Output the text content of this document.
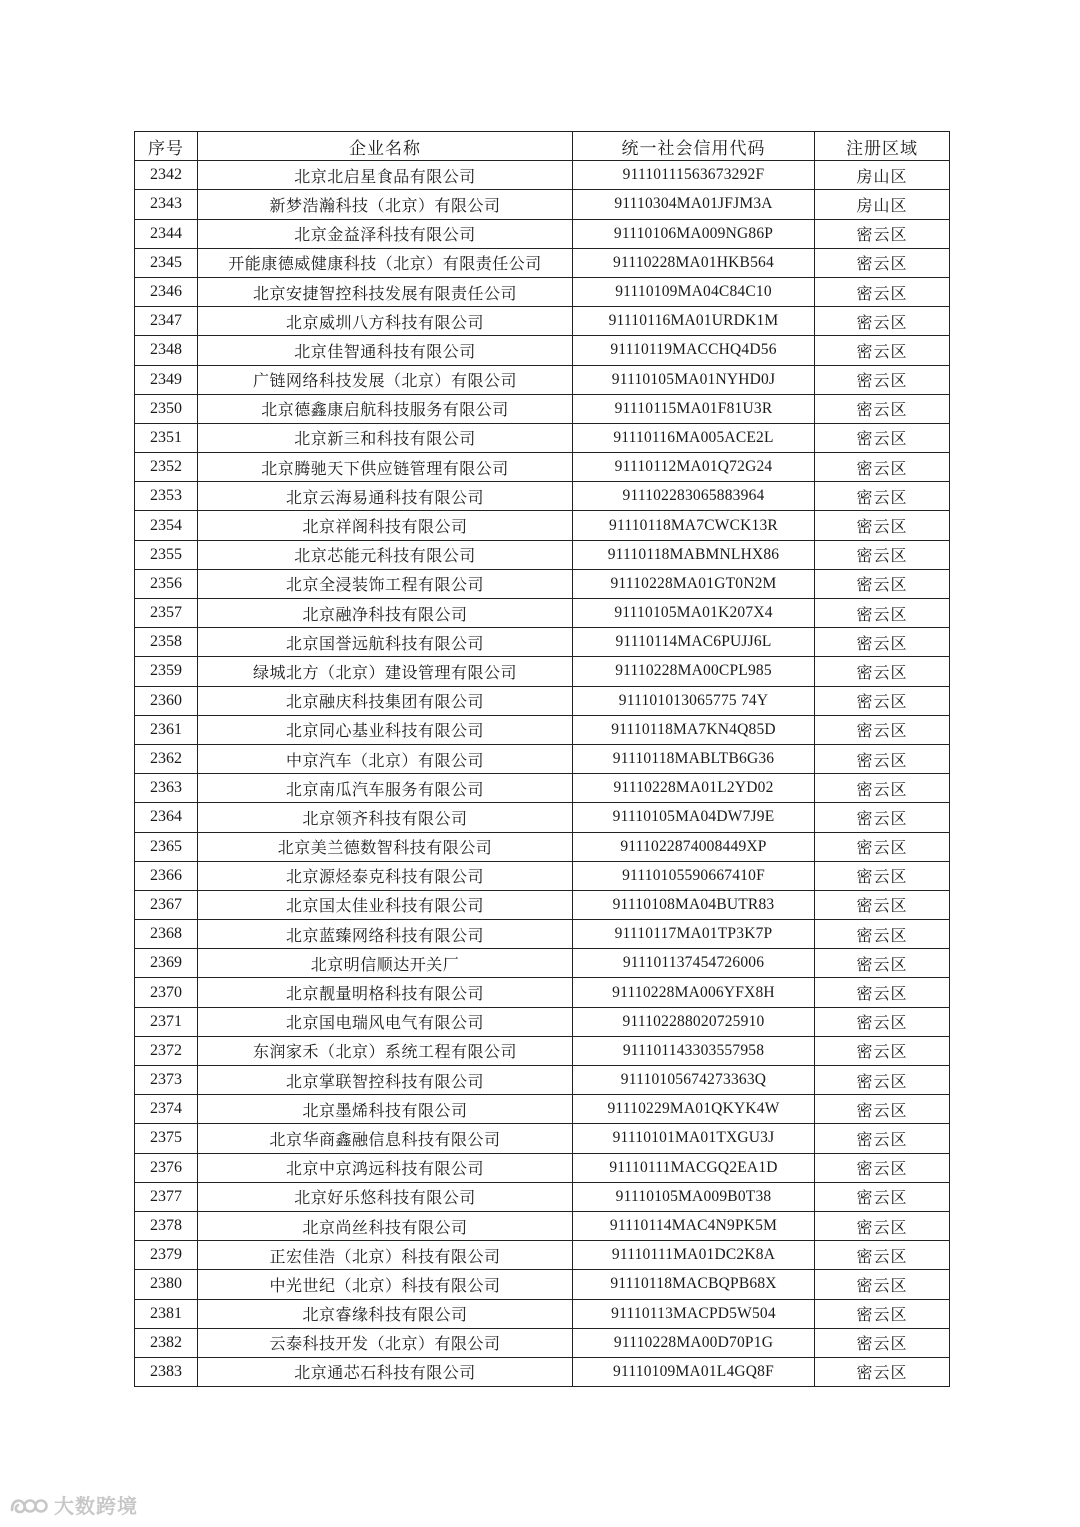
序号	企业名称	统一社会信用代码	注册区域
2342	北京北启星食品有限公司	91110111563673292F	房山区
2343	新梦浩瀚科技（北京）有限公司	91110304MA01JFJM3A	房山区
2344	北京金益泽科技有限公司	91110106MA009NG86P	密云区
2345	开能康德威健康科技（北京）有限责任公司	91110228MA01HKB564	密云区
2346	北京安捷智控科技发展有限责任公司	91110109MA04C84C10	密云区
2347	北京威圳八方科技有限公司	91110116MA01URDK1M	密云区
2348	北京佳智通科技有限公司	91110119MACCHQ4D56	密云区
2349	广链网络科技发展（北京）有限公司	91110105MA01NYHD0J	密云区
2350	北京德鑫康启航科技服务有限公司	91110115MA01F81U3R	密云区
2351	北京新三和科技有限公司	91110116MA005ACE2L	密云区
2352	北京腾驰天下供应链管理有限公司	91110112MA01Q72G24	密云区
2353	北京云海易通科技有限公司	911102283065883964	密云区
2354	北京祥阁科技有限公司	91110118MA7CWCK13R	密云区
2355	北京芯能元科技有限公司	91110118MABMNLHX86	密云区
2356	北京全浸装饰工程有限公司	91110228MA01GT0N2M	密云区
2357	北京融净科技有限公司	91110105MA01K207X4	密云区
2358	北京国誉远航科技有限公司	91110114MAC6PUJJ6L	密云区
2359	绿城北方（北京）建设管理有限公司	91110228MA00CPL985	密云区
2360	北京融庆科技集团有限公司	911101013065775 74Y	密云区
2361	北京同心基业科技有限公司	91110118MA7KN4Q85D	密云区
2362	中京汽车（北京）有限公司	91110118MABLTB6G36	密云区
2363	北京南瓜汽车服务有限公司	91110228MA01L2YD02	密云区
2364	北京领齐科技有限公司	91110105MA04DW7J9E	密云区
2365	北京美兰德数智科技有限公司	9111022874008449XP	密云区
2366	北京源烃泰克科技有限公司	91110105590667410F	密云区
2367	北京国太佳业科技有限公司	91110108MA04BUTR83	密云区
2368	北京蓝臻网络科技有限公司	91110117MA01TP3K7P	密云区
2369	北京明信顺达开关厂	911101137454726006	密云区
2370	北京靓量明格科技有限公司	91110228MA006YFX8H	密云区
2371	北京国电瑞风电气有限公司	911102288020725910	密云区
2372	东润家禾（北京）系统工程有限公司	911101143303557958	密云区
2373	北京掌联智控科技有限公司	91110105674273363Q	密云区
2374	北京墨烯科技有限公司	91110229MA01QKYK4W	密云区
2375	北京华商鑫融信息科技有限公司	91110101MA01TXGU3J	密云区
2376	北京中京鸿远科技有限公司	91110111MACGQ2EA1D	密云区
2377	北京好乐悠科技有限公司	91110105MA009B0T38	密云区
2378	北京尚丝科技有限公司	91110114MAC4N9PK5M	密云区
2379	正宏佳浩（北京）科技有限公司	91110111MA01DC2K8A	密云区
2380	中光世纪（北京）科技有限公司	91110118MACBQPB68X	密云区
2381	北京睿缘科技有限公司	91110113MACPD5W504	密云区
2382	云泰科技开发（北京）有限公司	91110228MA00D70P1G	密云区
2383	北京通芯石科技有限公司	91110109MA01L4GQ8F	密云区
大数跨境
